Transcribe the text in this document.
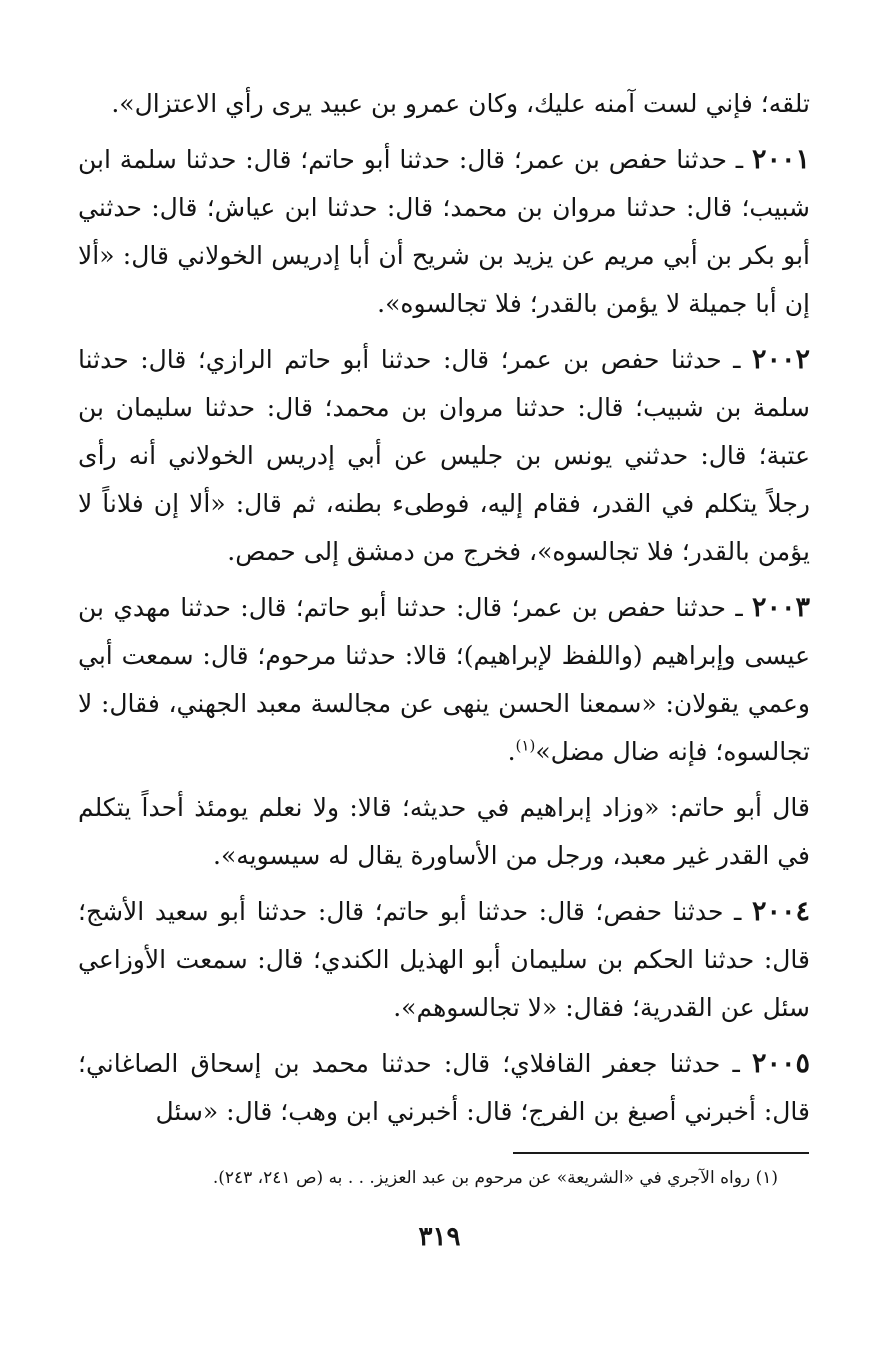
تلقه؛ فإني لست آمنه عليك، وكان عمرو بن عبيد يرى رأي الاعتزال».

٢٠٠١ ـ حدثنا حفص بن عمر؛ قال: حدثنا أبو حاتم؛ قال: حدثنا سلمة ابن شبيب؛ قال: حدثنا مروان بن محمد؛ قال: حدثنا ابن عياش؛ قال: حدثني أبو بكر بن أبي مريم عن يزيد بن شريح أن أبا إدريس الخولاني قال: «ألا إن أبا جميلة لا يؤمن بالقدر؛ فلا تجالسوه».

٢٠٠٢ ـ حدثنا حفص بن عمر؛ قال: حدثنا أبو حاتم الرازي؛ قال: حدثنا سلمة بن شبيب؛ قال: حدثنا مروان بن محمد؛ قال: حدثنا سليمان بن عتبة؛ قال: حدثني يونس بن جليس عن أبي إدريس الخولاني أنه رأى رجلاً يتكلم في القدر، فقام إليه، فوطىء بطنه، ثم قال: «ألا إن فلاناً لا يؤمن بالقدر؛ فلا تجالسوه»، فخرج من دمشق إلى حمص.

٢٠٠٣ ـ حدثنا حفص بن عمر؛ قال: حدثنا أبو حاتم؛ قال: حدثنا مهدي بن عيسى وإبراهيم (واللفظ لإبراهيم)؛ قالا: حدثنا مرحوم؛ قال: سمعت أبي وعمي يقولان: «سمعنا الحسن ينهى عن مجالسة معبد الجهني، فقال: لا تجالسوه؛ فإنه ضال مضل»$^{(١)}$.

قال أبو حاتم: «وزاد إبراهيم في حديثه؛ قالا: ولا نعلم يومئذ أحداً يتكلم في القدر غير معبد، ورجل من الأساورة يقال له سيسويه».

٢٠٠٤ ـ حدثنا حفص؛ قال: حدثنا أبو حاتم؛ قال: حدثنا أبو سعيد الأشج؛ قال: حدثنا الحكم بن سليمان أبو الهذيل الكندي؛ قال: سمعت الأوزاعي سئل عن القدرية؛ فقال: «لا تجالسوهم».

٢٠٠٥ ـ حدثنا جعفر القافلاي؛ قال: حدثنا محمد بن إسحاق الصاغاني؛ قال: أخبرني أصبغ بن الفرج؛ قال: أخبرني ابن وهب؛ قال: «سئل

(١) رواه الآجري في «الشريعة» عن مرحوم بن عبد العزيز. . . به (ص ٢٤١، ٢٤٣).
٣١٩
